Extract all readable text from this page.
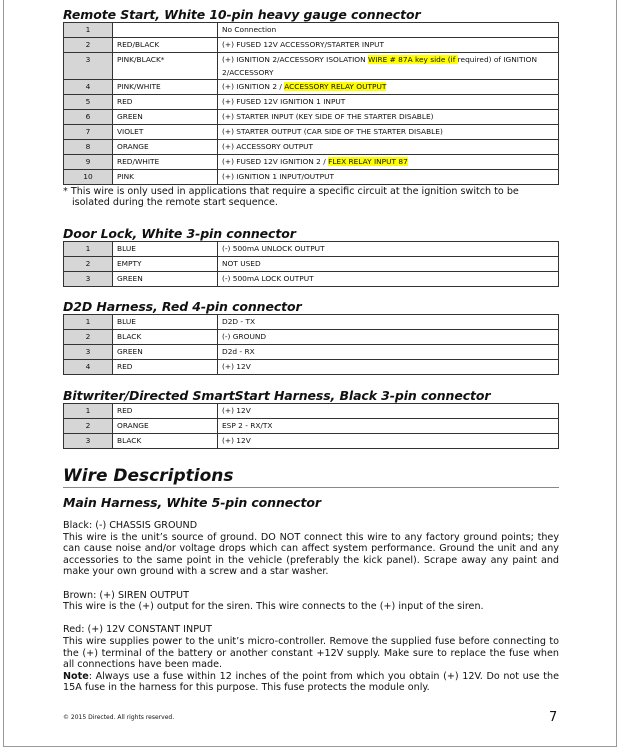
Remote Start, White 10-pin heavy gauge connector
1		No Connection
2	RED/BLACK	(+) FUSED 12V ACCESSORY/STARTER INPUT
3	PINK/BLACK*	(+) IGNITION 2/ACCESSORY ISOLATION WIRE # 87A key side (if required) of IGNITION 2/ACCESSORY
4	PINK/WHITE	(+) IGNITION 2 / ACCESSORY RELAY OUTPUT
5	RED	(+) FUSED 12V IGNITION 1 INPUT
6	GREEN	(+) STARTER INPUT (KEY SIDE OF THE STARTER DISABLE)
7	VIOLET	(+) STARTER OUTPUT (CAR SIDE OF THE STARTER DISABLE)
8	ORANGE	(+) ACCESSORY OUTPUT
9	RED/WHITE	(+) FUSED 12V IGNITION 2 / FLEX RELAY INPUT 87
10	PINK	(+) IGNITION 1 INPUT/OUTPUT
* This wire is only used in applications that require a specific circuit at the ignition switch to be isolated during the remote start sequence.
Door Lock, White 3-pin connector
1	BLUE	(-) 500mA UNLOCK OUTPUT
2	EMPTY	NOT USED
3	GREEN	(-) 500mA LOCK OUTPUT
D2D Harness, Red 4-pin connector
1	BLUE	D2D - TX
2	BLACK	(-) GROUND
3	GREEN	D2d - RX
4	RED	(+) 12V
Bitwriter/Directed SmartStart Harness, Black 3-pin connector
1	RED	(+) 12V
2	ORANGE	ESP 2 - RX/TX
3	BLACK	(+) 12V
Wire Descriptions
Main Harness, White 5-pin connector

Black: (-) CHASSIS GROUND

This wire is the unit’s source of ground. DO NOT connect this wire to any factory ground points; they can cause noise and/or voltage drops which can affect system performance. Ground the unit and any accessories to the same point in the vehicle (preferably the kick panel). Scrape away any paint and make your own ground with a screw and a star washer.

Brown: (+) SIREN OUTPUT

This wire is the (+) output for the siren. This wire connects to the (+) input of the siren.

Red: (+) 12V CONSTANT INPUT

This wire supplies power to the unit’s micro-controller. Remove the supplied fuse before connecting to the (+) terminal of the battery or another constant +12V supply. Make sure to replace the fuse when all connections have been made.

Note: Always use a fuse within 12 inches of the point from which you obtain (+) 12V. Do not use the 15A fuse in the harness for this purpose. This fuse protects the module only.

© 2015 Directed. All rights reserved.	7
